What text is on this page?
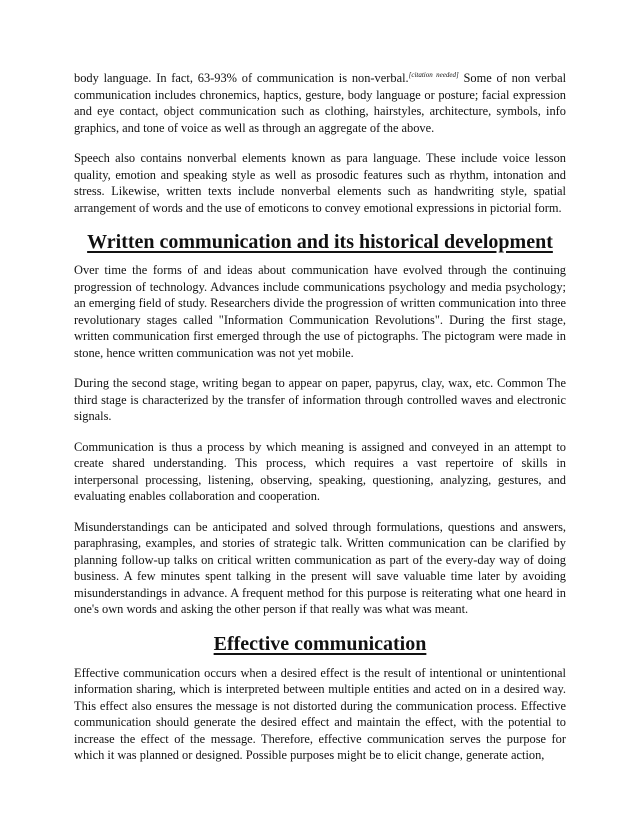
body language. In fact, 63-93% of communication is non-verbal.[citation needed] Some of non verbal communication includes chronemics, haptics, gesture, body language or posture; facial expression and eye contact, object communication such as clothing, hairstyles, architecture, symbols, info graphics, and tone of voice as well as through an aggregate of the above.

Speech also contains nonverbal elements known as para language. These include voice lesson quality, emotion and speaking style as well as prosodic features such as rhythm, intonation and stress. Likewise, written texts include nonverbal elements such as handwriting style, spatial arrangement of words and the use of emoticons to convey emotional expressions in pictorial form.

Written communication and its historical development

Over time the forms of and ideas about communication have evolved through the continuing progression of technology. Advances include communications psychology and media psychology; an emerging field of study. Researchers divide the progression of written communication into three revolutionary stages called "Information Communication Revolutions". During the first stage, written communication first emerged through the use of pictographs. The pictogram were made in stone, hence written communication was not yet mobile.

During the second stage, writing began to appear on paper, papyrus, clay, wax, etc. Common The third stage is characterized by the transfer of information through controlled waves and electronic signals.

Communication is thus a process by which meaning is assigned and conveyed in an attempt to create shared understanding. This process, which requires a vast repertoire of skills in interpersonal processing, listening, observing, speaking, questioning, analyzing, gestures, and evaluating enables collaboration and cooperation.

Misunderstandings can be anticipated and solved through formulations, questions and answers, paraphrasing, examples, and stories of strategic talk. Written communication can be clarified by planning follow-up talks on critical written communication as part of the every-day way of doing business. A few minutes spent talking in the present will save valuable time later by avoiding misunderstandings in advance. A frequent method for this purpose is reiterating what one heard in one's own words and asking the other person if that really was what was meant.

Effective communication

Effective communication occurs when a desired effect is the result of intentional or unintentional information sharing, which is interpreted between multiple entities and acted on in a desired way. This effect also ensures the message is not distorted during the communication process. Effective communication should generate the desired effect and maintain the effect, with the potential to increase the effect of the message. Therefore, effective communication serves the purpose for which it was planned or designed. Possible purposes might be to elicit change, generate action,
